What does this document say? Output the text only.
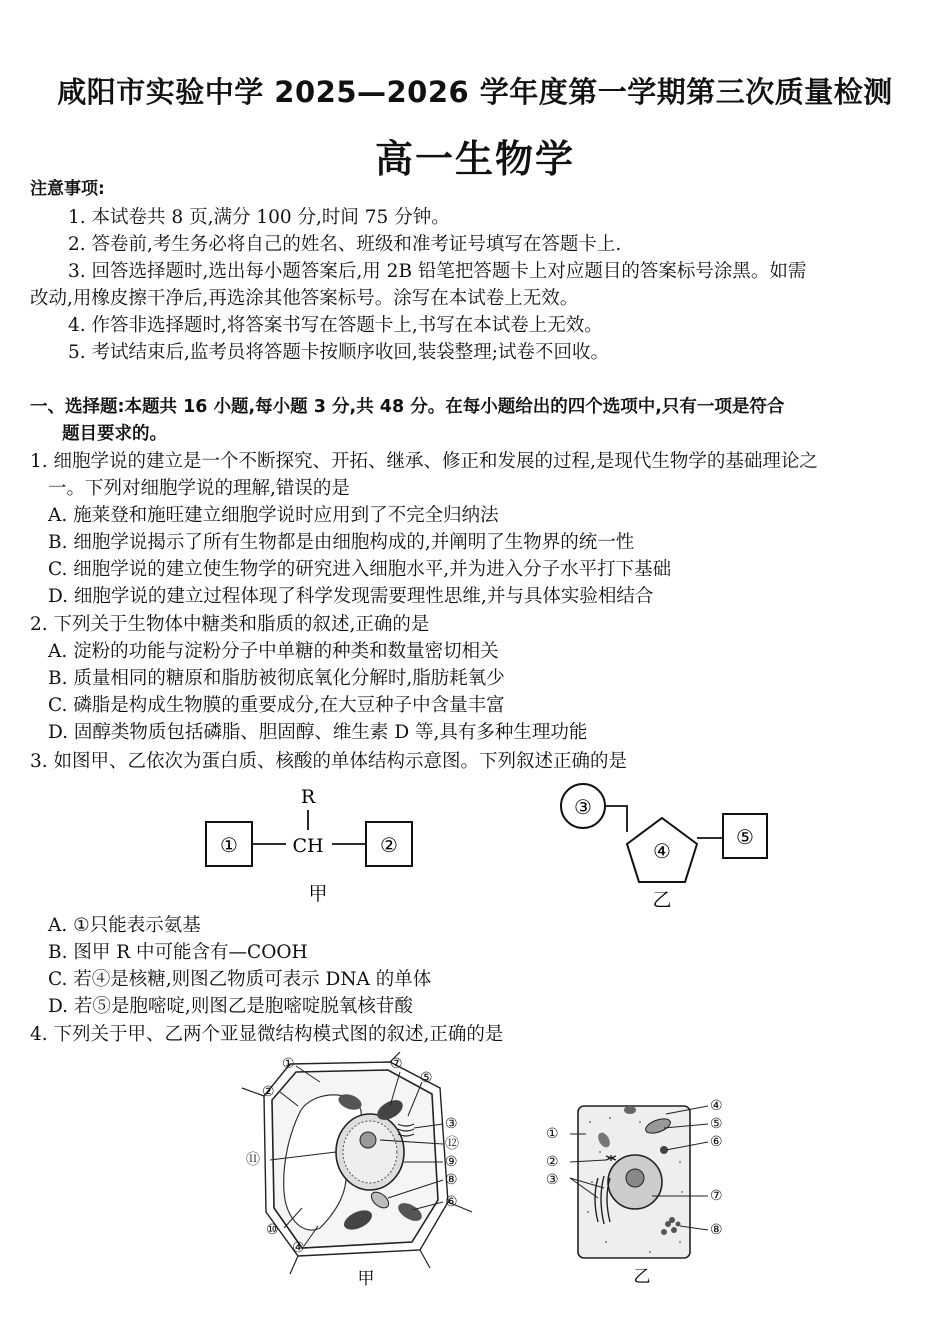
咸阳市实验中学 2025—2026 学年度第一学期第三次质量检测
高一生物学
注意事项:
1. 本试卷共 8 页,满分 100 分,时间 75 分钟。
2. 答卷前,考生务必将自己的姓名、班级和准考证号填写在答题卡上.
3. 回答选择题时,选出每小题答案后,用 2B 铅笔把答题卡上对应题目的答案标号涂黑。如需
改动,用橡皮擦干净后,再选涂其他答案标号。涂写在本试卷上无效。
4. 作答非选择题时,将答案书写在答题卡上,书写在本试卷上无效。
5. 考试结束后,监考员将答题卡按顺序收回,装袋整理;试卷不回收。
一、选择题:本题共 16 小题,每小题 3 分,共 48 分。在每小题给出的四个选项中,只有一项是符合
题目要求的。
1. 细胞学说的建立是一个不断探究、开拓、继承、修正和发展的过程,是现代生物学的基础理论之
一。下列对细胞学说的理解,错误的是
A. 施莱登和施旺建立细胞学说时应用到了不完全归纳法
B. 细胞学说揭示了所有生物都是由细胞构成的,并阐明了生物界的统一性
C. 细胞学说的建立使生物学的研究进入细胞水平,并为进入分子水平打下基础
D. 细胞学说的建立过程体现了科学发现需要理性思维,并与具体实验相结合
2. 下列关于生物体中糖类和脂质的叙述,正确的是
A. 淀粉的功能与淀粉分子中单糖的种类和数量密切相关
B. 质量相同的糖原和脂肪被彻底氧化分解时,脂肪耗氧少
C. 磷脂是构成生物膜的重要成分,在大豆种子中含量丰富
D. 固醇类物质包括磷脂、胆固醇、维生素 D 等,具有多种生理功能
3. 如图甲、乙依次为蛋白质、核酸的单体结构示意图。下列叙述正确的是
①
R
CH	②
甲
③
④
⑤
乙
A. ①只能表示氨基
B. 图甲 R 中可能含有—COOH
C. 若④是核糖,则图乙物质可表示 DNA 的单体
D. 若⑤是胞嘧啶,则图乙是胞嘧啶脱氧核苷酸
4. 下列关于甲、乙两个亚显微结构模式图的叙述,正确的是
①
②
⑦
⑤
③
⑫
⑪	⑨
⑧
⑥
⑩
④
甲
④
⑤
①	⑥
②
③
⑦
⑧
乙
